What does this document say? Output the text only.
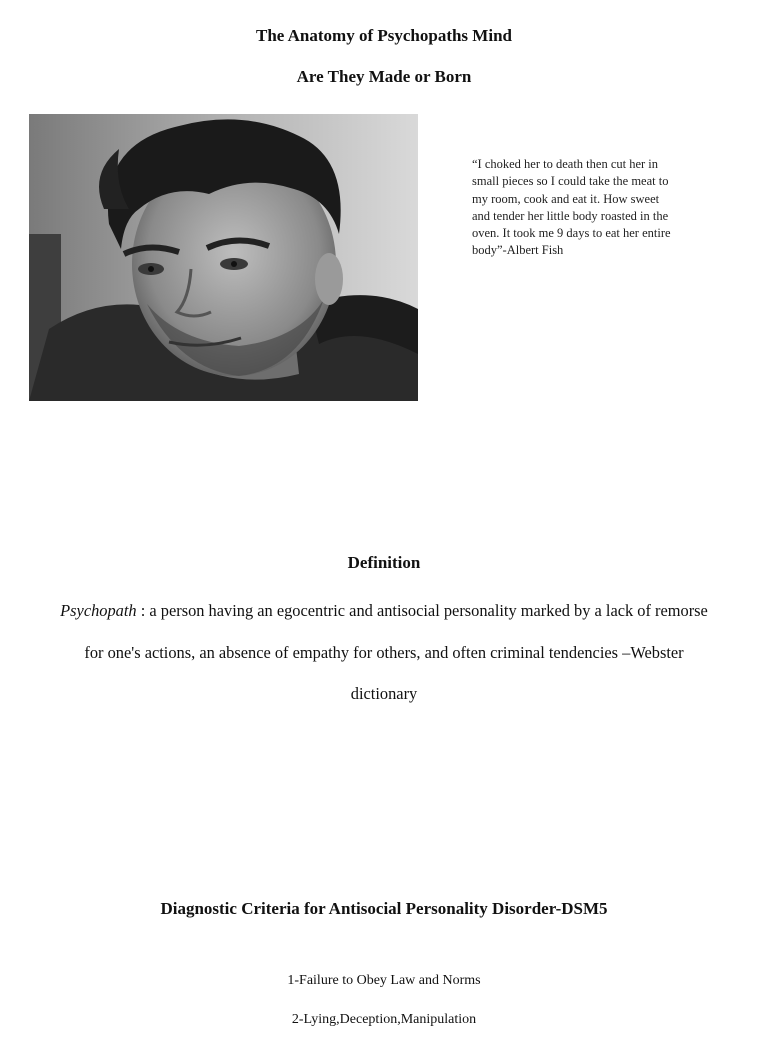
The Anatomy of Psychopaths Mind
Are They Made or Born
“I choked her to death then cut her in small pieces so I could take the meat to my room, cook and eat it. How sweet and tender her little body roasted in the oven. It took me 9 days to eat her entire body”-Albert Fish
Definition
Psychopath : a person having an egocentric and antisocial personality marked by a lack of remorse for one's actions, an absence of empathy for others, and often criminal tendencies –Webster dictionary
Diagnostic Criteria for Antisocial Personality Disorder-DSM5
1-Failure to Obey Law and Norms
2-Lying,Deception,Manipulation
